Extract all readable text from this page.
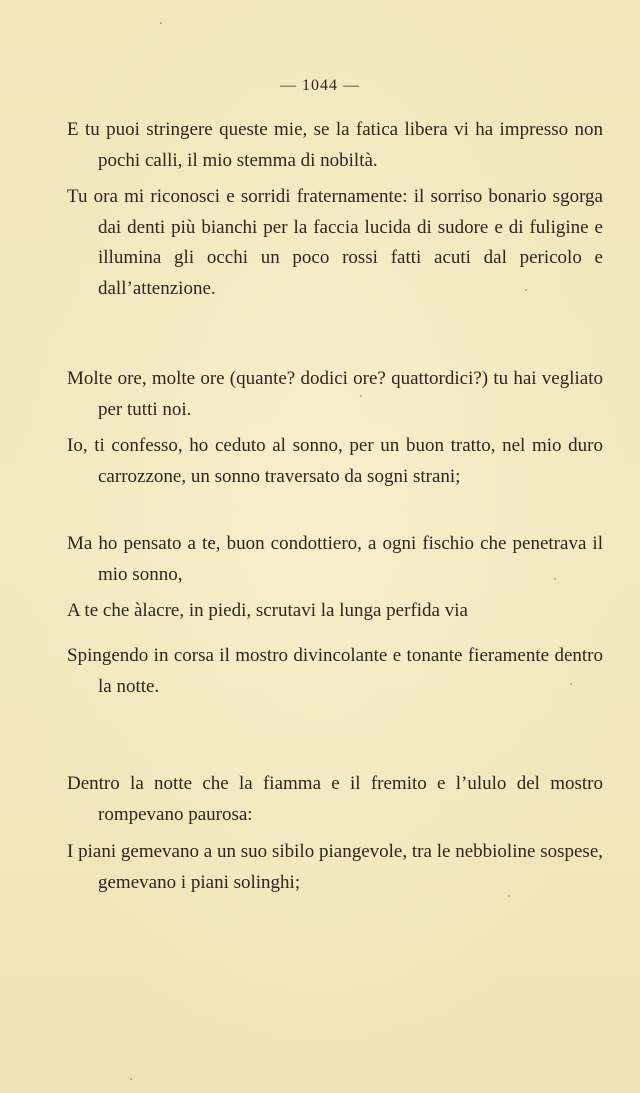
— 1044 —
E tu puoi stringere queste mie, se la fatica libera vi ha impresso non pochi calli, il mio stemma di nobiltà.
Tu ora mi riconosci e sorridi fraternamente: il sorriso bonario sgorga dai denti più bianchi per la faccia lucida di sudore e di fuligine e illumina gli occhi un poco rossi fatti acuti dal pericolo e dall’attenzione.
Molte ore, molte ore (quante? dodici ore? quattordici?) tu hai vegliato per tutti noi.
Io, ti confesso, ho ceduto al sonno, per un buon tratto, nel mio duro carrozzone, un sonno traversato da sogni strani;
Ma ho pensato a te, buon condottiero, a ogni fischio che penetrava il mio sonno,
A te che àlacre, in piedi, scrutavi la lunga perfida via
Spingendo in corsa il mostro divincolante e tonante fieramente dentro la notte.
Dentro la notte che la fiamma e il fremito e l’ululo del mostro rompevano paurosa:
I piani gemevano a un suo sibilo piangevole, tra le nebbioline sospese, gemevano i piani solinghi;
